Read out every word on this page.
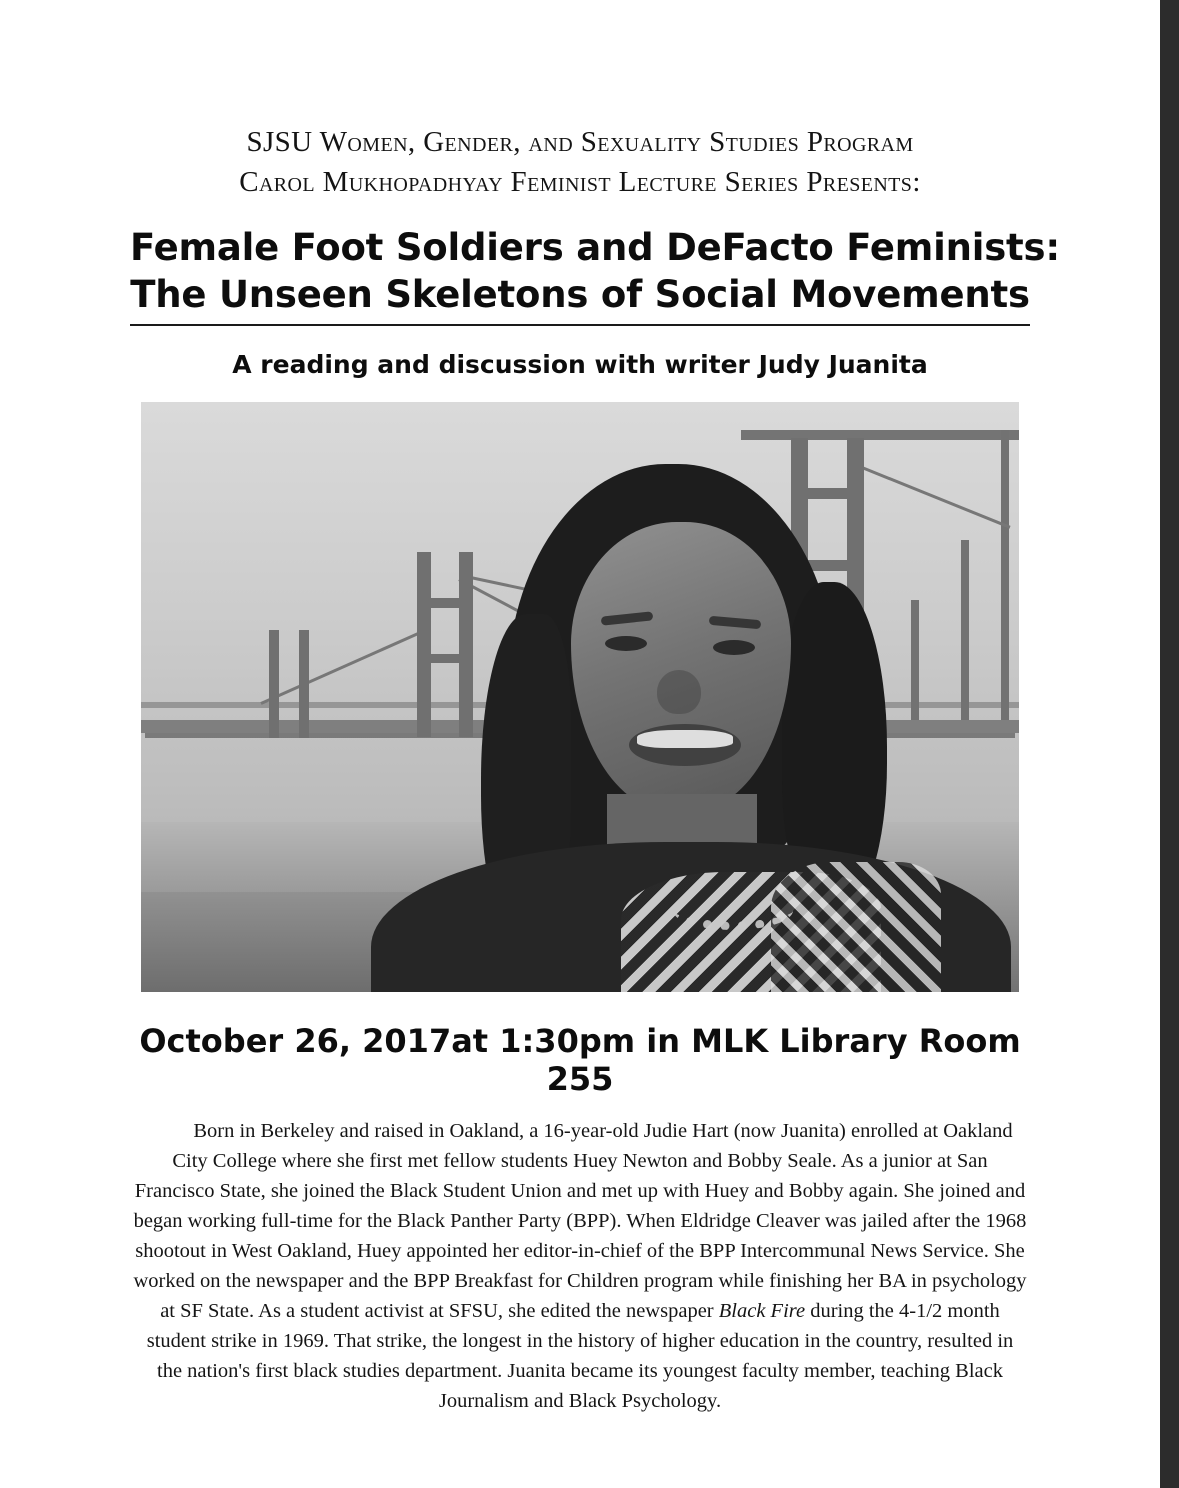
SJSU Women, Gender, and Sexuality Studies Program
Carol Mukhopadhyay Feminist Lecture Series Presents:
Female Foot Soldiers and DeFacto Feminists:
The Unseen Skeletons of Social Movements
A reading and discussion with writer Judy Juanita
October 26, 2017at 1:30pm in MLK Library Room 255
Born in Berkeley and raised in Oakland, a 16-year-old Judie Hart (now Juanita) enrolled at Oakland City College where she first met fellow students Huey Newton and Bobby Seale. As a junior at San Francisco State, she joined the Black Student Union and met up with Huey and Bobby again. She joined and began working full-time for the Black Panther Party (BPP). When Eldridge Cleaver was jailed after the 1968 shootout in West Oakland, Huey appointed her editor-in-chief of the BPP Intercommunal News Service. She worked on the newspaper and the BPP Breakfast for Children program while finishing her BA in psychology at SF State. As a student activist at SFSU, she edited the newspaper Black Fire during the 4-1/2 month student strike in 1969. That strike, the longest in the history of higher education in the country, resulted in the nation's first black studies department. Juanita became its youngest faculty member, teaching Black Journalism and Black Psychology.
